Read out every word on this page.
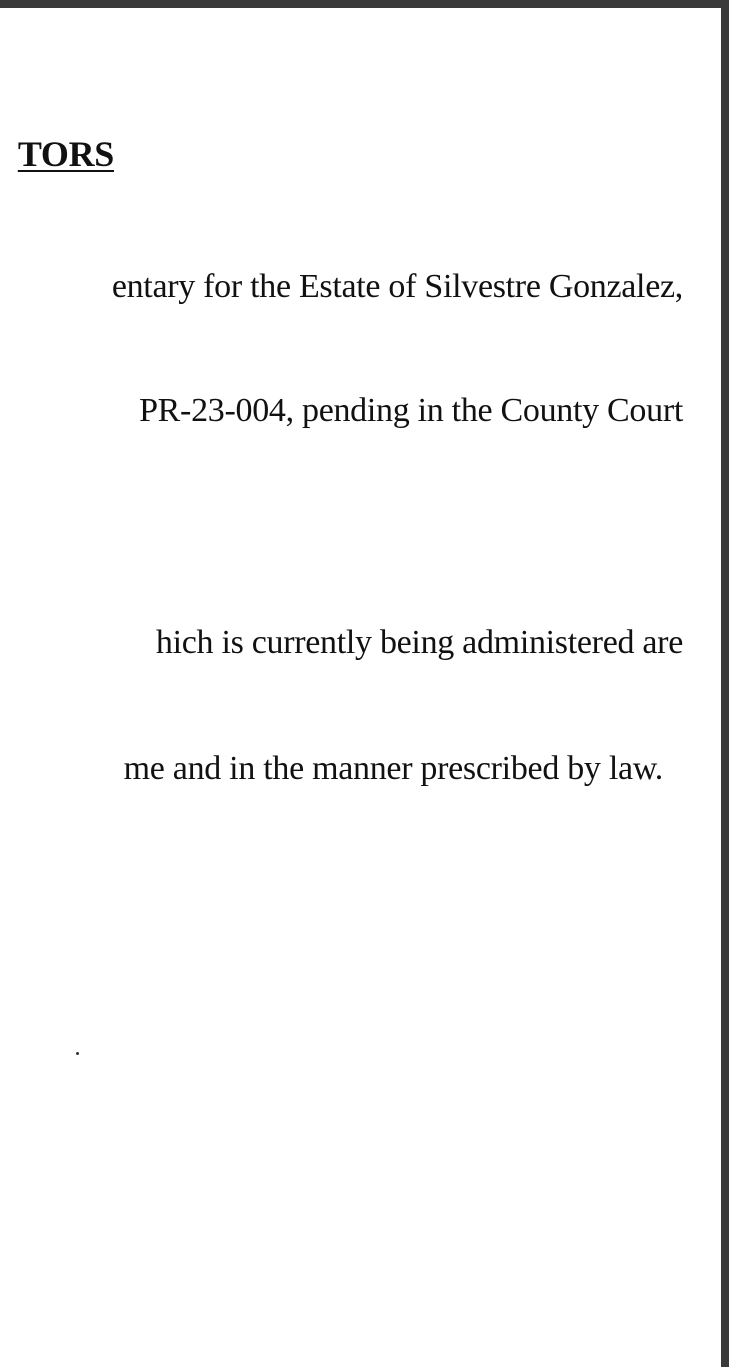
TORS
entary for the Estate of Silvestre Gonzalez,
PR-23-004, pending in the County Court
hich is currently being administered are
me and in the manner prescribed by law.
